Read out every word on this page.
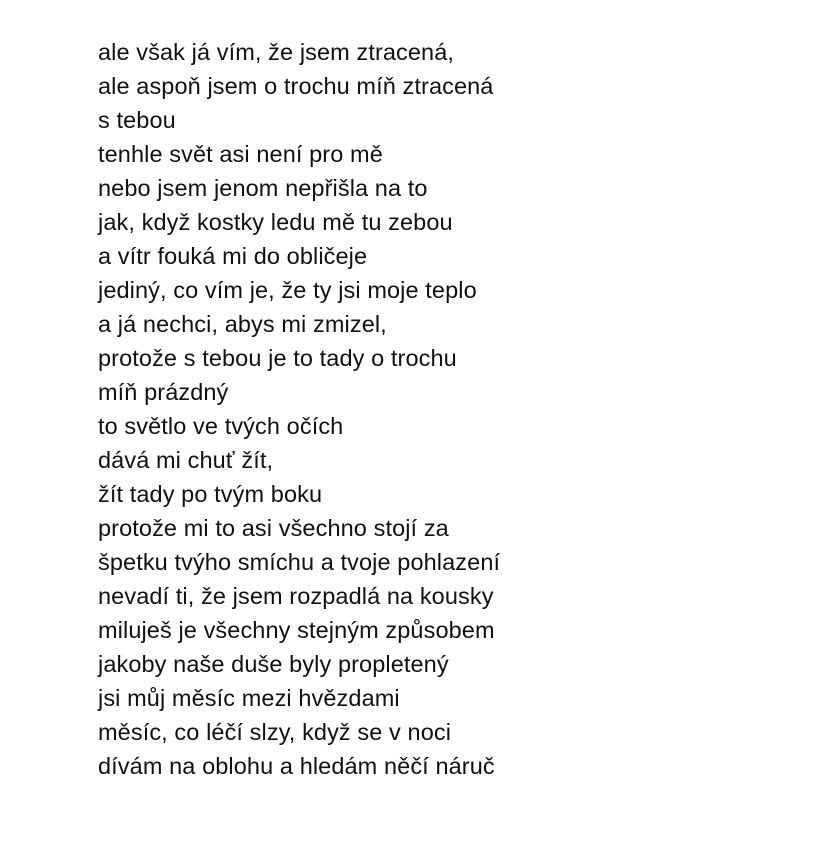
ale však já vím, že jsem ztracená,
ale aspoň jsem o trochu míň ztracená
s tebou
tenhle svět asi není pro mě
nebo jsem jenom nepřišla na to
jak, když kostky ledu mě tu zebou
a vítr fouká mi do obličeje
jediný, co vím je, že ty jsi moje teplo
a já nechci, abys mi zmizel,
protože s tebou je to tady o trochu
míň prázdný
to světlo ve tvých očích
dává mi chuť žít,
žít tady po tvým boku
protože mi to asi všechno stojí za
špetku tvýho smíchu a tvoje pohlazení
nevadí ti, že jsem rozpadlá na kousky
miluješ je všechny stejným způsobem
jakoby naše duše byly propletený
jsi můj měsíc mezi hvězdami
měsíc, co léčí slzy, když se v noci
dívám na oblohu a hledám něčí náruč
